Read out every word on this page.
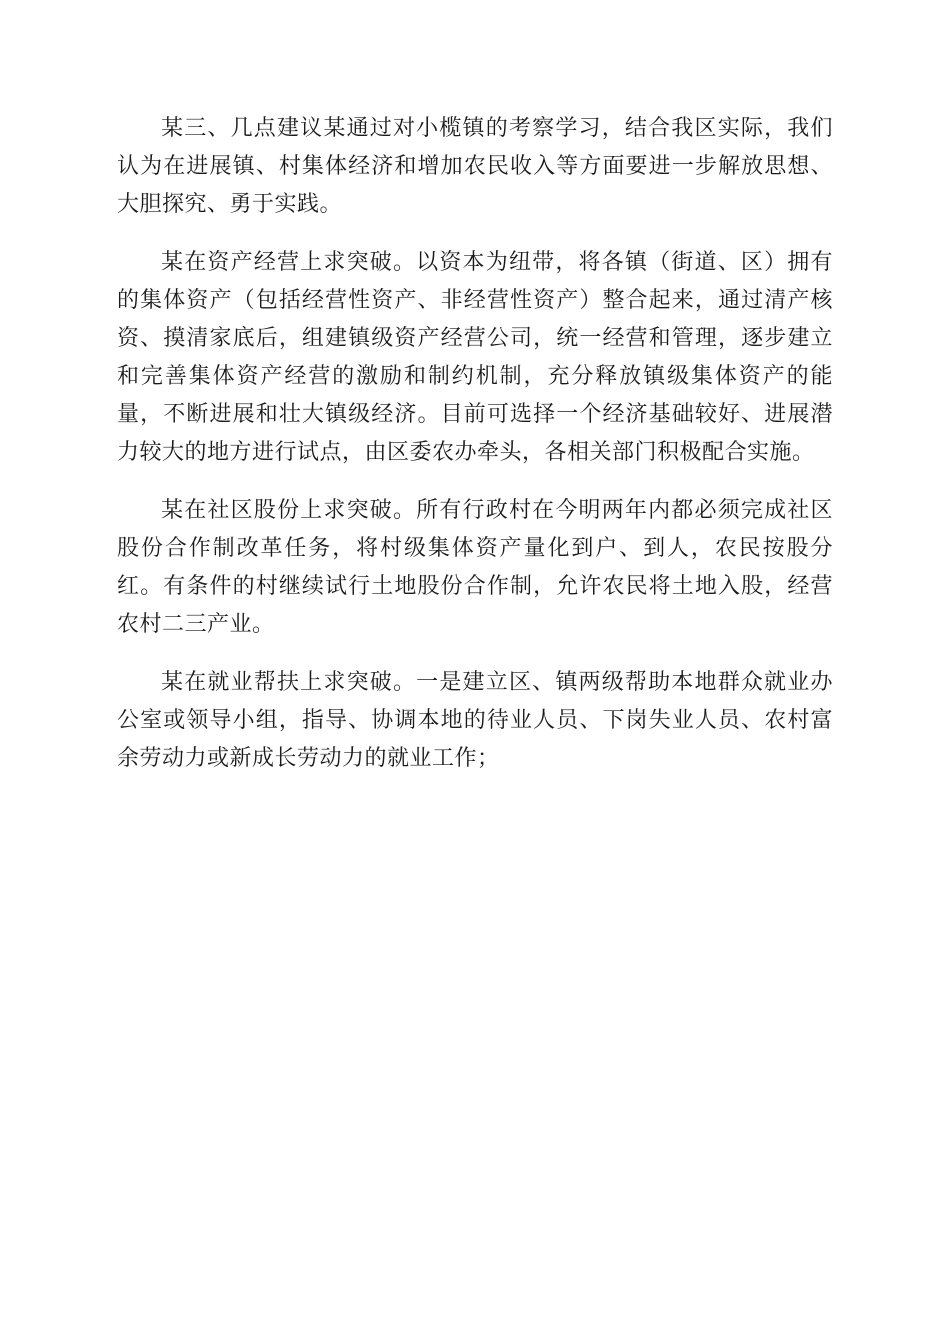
某三、几点建议某通过对小榄镇的考察学习，结合我区实际，我们认为在进展镇、村集体经济和增加农民收入等方面要进一步解放思想、大胆探究、勇于实践。

某在资产经营上求突破。以资本为纽带，将各镇（街道、区）拥有的集体资产（包括经营性资产、非经营性资产）整合起来，通过清产核资、摸清家底后，组建镇级资产经营公司，统一经营和管理，逐步建立和完善集体资产经营的激励和制约机制，充分释放镇级集体资产的能量，不断进展和壮大镇级经济。目前可选择一个经济基础较好、进展潜力较大的地方进行试点，由区委农办牵头，各相关部门积极配合实施。

某在社区股份上求突破。所有行政村在今明两年内都必须完成社区股份合作制改革任务，将村级集体资产量化到户、到人，农民按股分红。有条件的村继续试行土地股份合作制，允许农民将土地入股，经营农村二三产业。

某在就业帮扶上求突破。一是建立区、镇两级帮助本地群众就业办公室或领导小组，指导、协调本地的待业人员、下岗失业人员、农村富余劳动力或新成长劳动力的就业工作；
